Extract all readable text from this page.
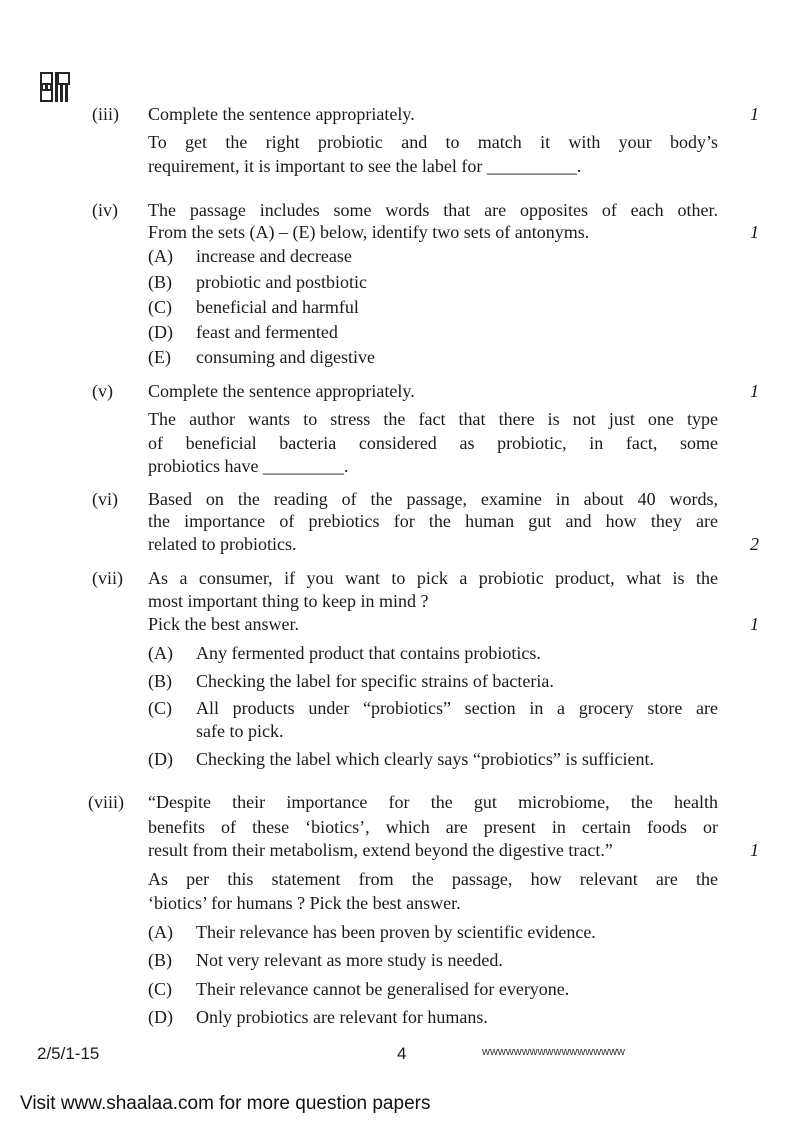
(iii) Complete the sentence appropriately.	1
To get the right probiotic and to match it with your body’s
requirement, it is important to see the label for __________.
(iv) The passage includes some words that are opposites of each other.
From the sets (A) – (E) below, identify two sets of antonyms.	1
(A) increase and decrease
(B) probiotic and postbiotic
(C) beneficial and harmful
(D) feast and fermented
(E) consuming and digestive
(v) Complete the sentence appropriately.	1
The author wants to stress the fact that there is not just one type
of beneficial bacteria considered as probiotic, in fact, some
probiotics have _________.
(vi) Based on the reading of the passage, examine in about 40 words,
the importance of prebiotics for the human gut and how they are
related to probiotics.	2
(vii) As a consumer, if you want to pick a probiotic product, what is the
most important thing to keep in mind ?
Pick the best answer.	1
(A) Any fermented product that contains probiotics.
(B) Checking the label for specific strains of bacteria.
(C) All products under “probiotics” section in a grocery store are
safe to pick.
(D) Checking the label which clearly says “probiotics” is sufficient.
(viii) “Despite their importance for the gut microbiome, the health
benefits of these ‘biotics’, which are present in certain foods or
result from their metabolism, extend beyond the digestive tract.”	1
As per this statement from the passage, how relevant are the
‘biotics’ for humans ? Pick the best answer.
(A) Their relevance has been proven by scientific evidence.
(B) Not very relevant as more study is needed.
(C) Their relevance cannot be generalised for everyone.
(D) Only probiotics are relevant for humans.
2/5/1-15	4	wwwwwwwwwwwwwwwwww
Visit www.shaalaa.com for more question papers
